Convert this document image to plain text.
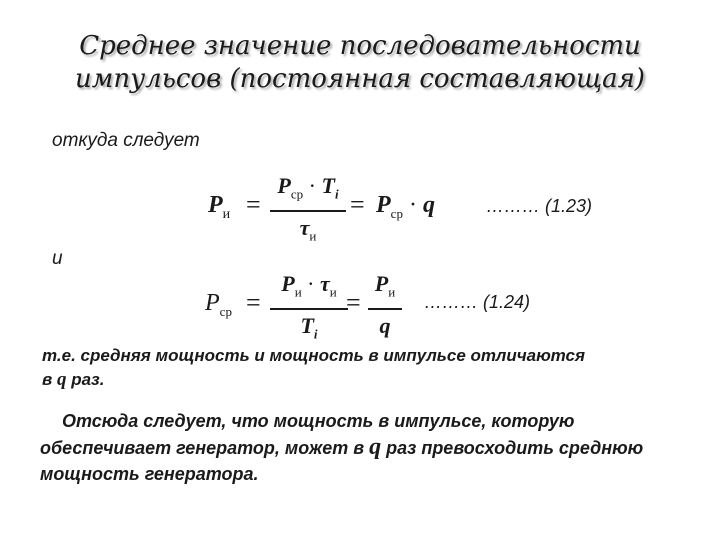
Среднее значение последовательности
импульсов (постоянная составляющая)
откуда следует
$P_и$ =
$P_{ср} \cdot T_i$
$\tau_и$
= $P_{ср} \cdot q$	……… (1.23)
и
$P_{ср}$ =
$P_и \cdot \tau_и$
$T_i$
=
$P_и$
q
……… (1.24)
т.е. средняя мощность и мощность в импульсе отличаются
в q раз.
Отсюда следует, что мощность в импульсе, которую
обеспечивает генератор, может в q раз превосходить среднюю
мощность генератора.
